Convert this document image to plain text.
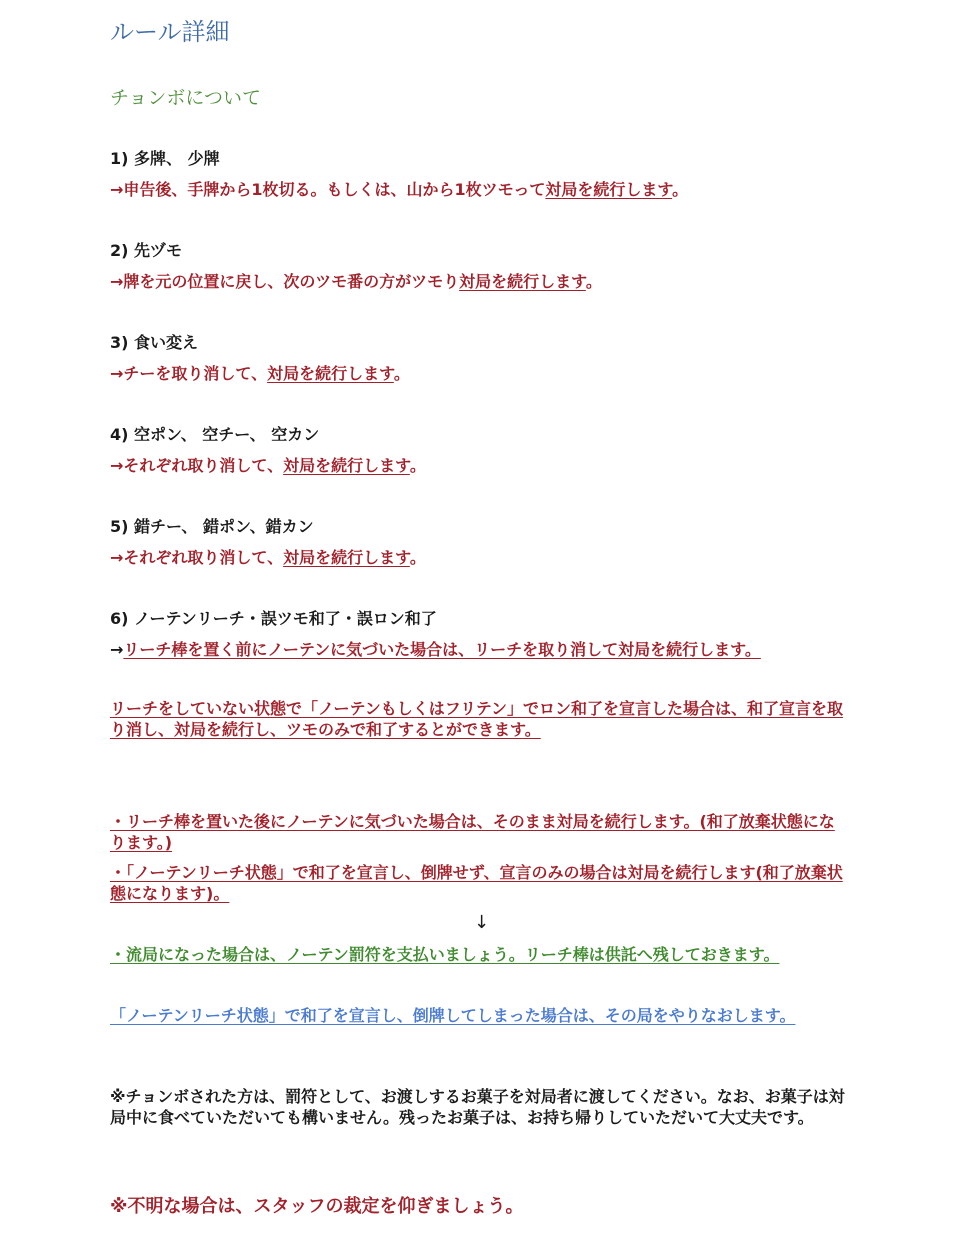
ルール詳細
チョンボについて
1) 多牌、 少牌
→申告後、手牌から1枚切る。もしくは、山から1枚ツモって対局を続行します。
2) 先ヅモ
→牌を元の位置に戻し、次のツモ番の方がツモり対局を続行します。
3) 食い変え
→チーを取り消して、対局を続行します。
4) 空ポン、 空チー、 空カン
→それぞれ取り消して、対局を続行します。
5) 錯チー、 錯ポン、錯カン
→それぞれ取り消して、対局を続行します。
6) ノーテンリーチ・誤ツモ和了・誤ロン和了
→リーチ棒を置く前にノーテンに気づいた場合は、リーチを取り消して対局を続行します。
リーチをしていない状態で「ノーテンもしくはフリテン」でロン和了を宣言した場合は、和了宣言を取り消し、対局を続行し、ツモのみで和了するとができます。
・リーチ棒を置いた後にノーテンに気づいた場合は、そのまま対局を続行します。(和了放棄状態になります。)
・「ノーテンリーチ状態」で和了を宣言し、倒牌せず、宣言のみの場合は対局を続行します(和了放棄状態になります)。
↓
・流局になった場合は、ノーテン罰符を支払いましょう。リーチ棒は供託へ残しておきます。
「ノーテンリーチ状態」で和了を宣言し、倒牌してしまった場合は、その局をやりなおします。
※チョンボされた方は、罰符として、お渡しするお菓子を対局者に渡してください。なお、お菓子は対局中に食べていただいても構いません。残ったお菓子は、お持ち帰りしていただいて大丈夫です。
※不明な場合は、スタッフの裁定を仰ぎましょう。
